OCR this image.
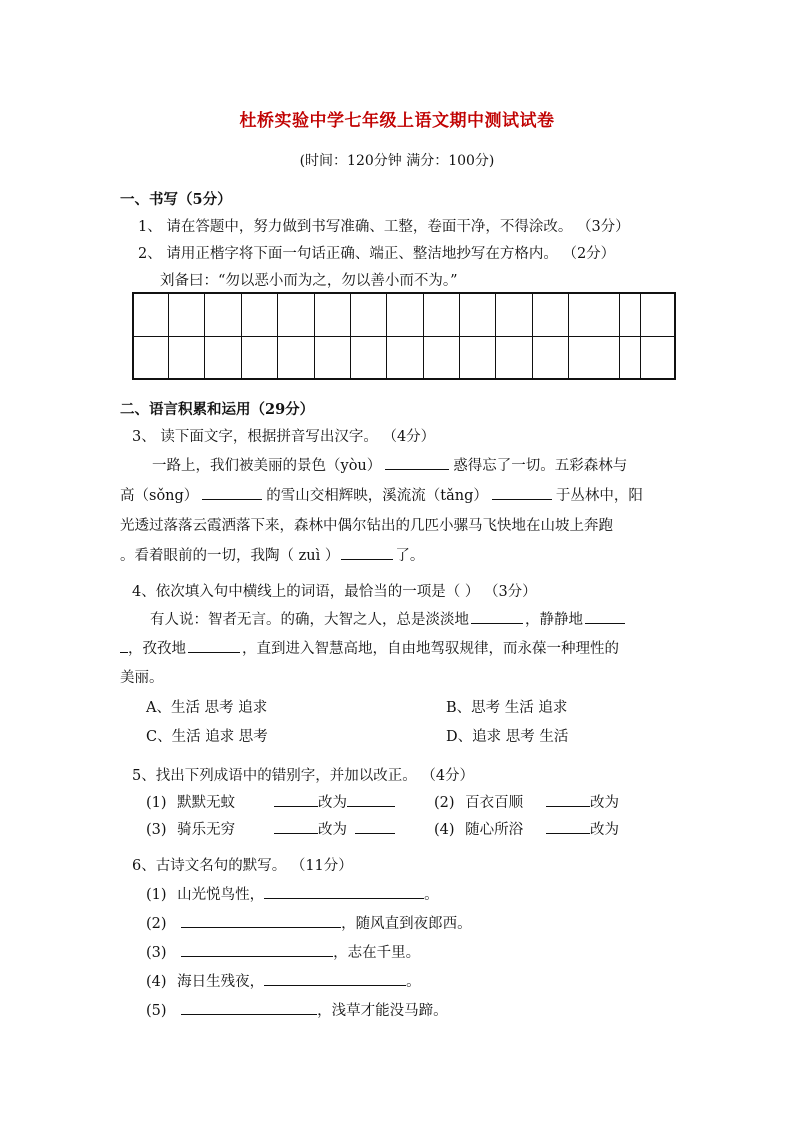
杜桥实验中学七年级上语文期中测试试卷
(时间：120分钟 满分：100分)
一、书写（5分）
1、 请在答题中，努力做到书写准确、工整，卷面干净，不得涂改。 （3分）
2、 请用正楷字将下面一句话正确、端正、整洁地抄写在方格内。 （2分）
刘备曰：“勿以恶小而为之，勿以善小而不为。”
二、语言积累和运用（29分）
3、 读下面文字，根据拼音写出汉字。 （4分）
一路上，我们被美丽的景色（yòu）	惑得忘了一切。五彩森林与
高（sǒng）	的雪山交相辉映，溪流流（tǎng）	于丛林中，阳
光透过落落云霞洒落下来，森林中偶尔钻出的几匹小骡马飞快地在山坡上奔跑
。看着眼前的一切，我陶（ zuì ）	了。
4、依次填入句中横线上的词语，最恰当的一项是（ ） （3分）
有人说：智者无言。的确，大智之人，总是淡淡地	，静静地
，孜孜地	，直到进入智慧高地，自由地驾驭规律，而永葆一种理性的
美丽。
A、生活 思考 追求	B、思考 生活 追求
C、生活 追求 思考	D、追求 思考 生活
5、找出下列成语中的错别字，并加以改正。 （4分）
(1) 默默无蚊	改为	(2) 百衣百顺	改为
(3) 骑乐无穷	改为	(4) 随心所浴	改为
6、古诗文名句的默写。 （11分）
(1) 山光悦鸟性，	。
(2)	，随风直到夜郎西。
(3)	，志在千里。
(4) 海日生残夜，	。
(5)	，浅草才能没马蹄。
